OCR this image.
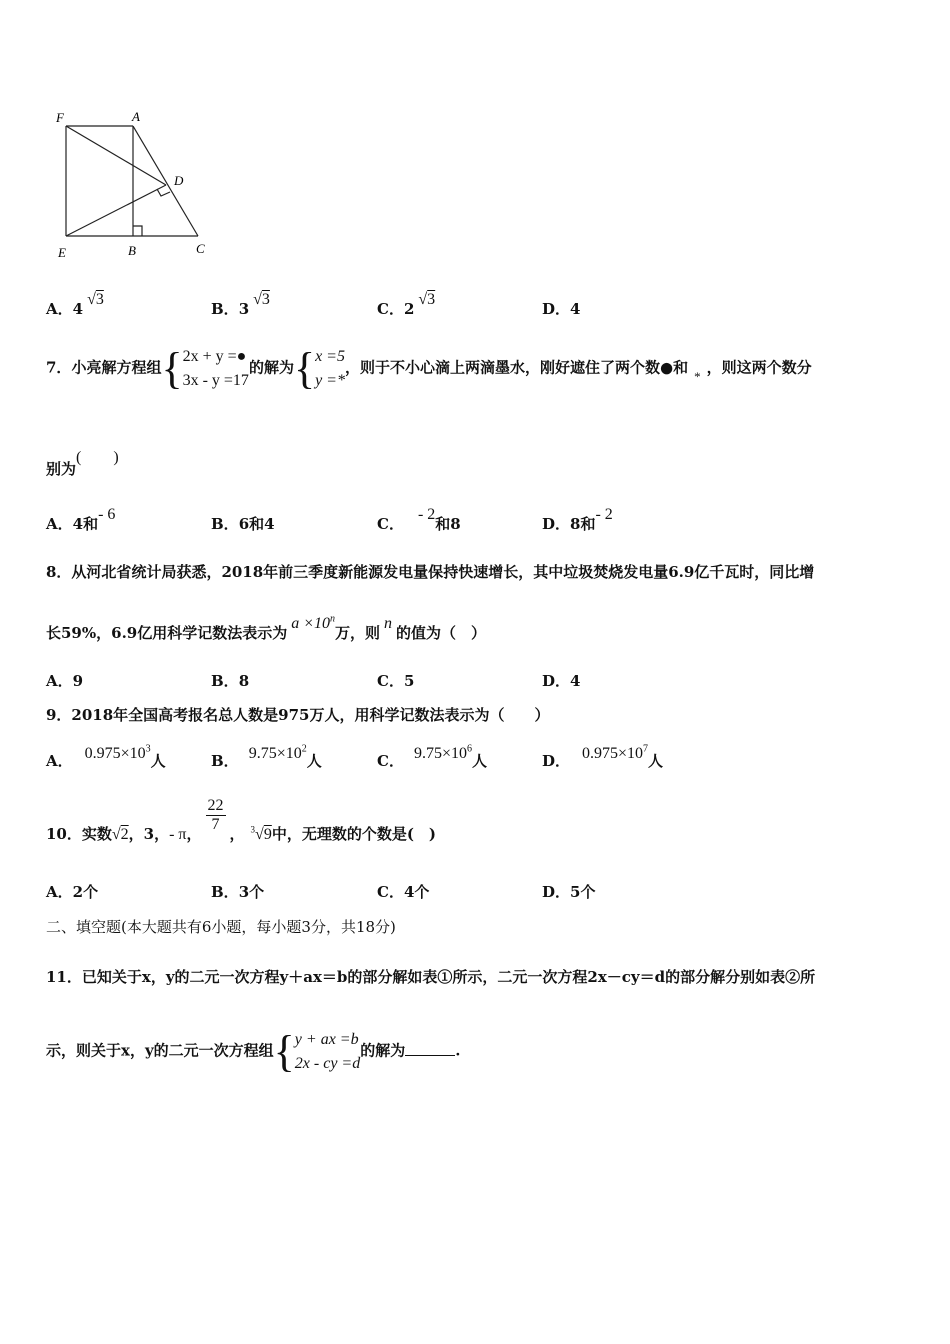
F	A
D
E	B	C
A．4√3
B．3√3
C．2√3
D．4
7．小亮解方程组{ 2x + y =●
3x - y =17
的解为{ x =5
y =*
，则于不小心滴上两滴墨水，刚好遮住了两个数●和 * ，则这两个数分
别为(　　)
A．4和- 6
B．6和4	C．- 2和8	D．8和- 2
8．从河北省统计局获悉，2018年前三季度新能源发电量保持快速增长，其中垃圾焚烧发电量6.9亿千瓦时，同比增
长59%，6.9亿用科学记数法表示为$a \times 10^n$万，则n的值为（　）
A．9	B．8	C．5	D．4
9．2018年全国高考报名总人数是975万人，用科学记数法表示为（　　）
A． $0.975\times 10^3$人	B． $9.75\times 10^2$人	C． $9.75\times 10^6$人	D． $0.975\times 10^7$人
10．实数√2，3，- π， $\frac{22}{7}$ ， $^3$√9中，无理数的个数是(　)
A．2个	B．3个	C．4个	D．5个
二、填空题(本大题共有6小题，每小题3分，共18分)
11．已知关于x，y的二元一次方程y＋ax＝b的部分解如表①所示，二元一次方程2x－cy＝d的部分解分别如表②所
示，则关于x，y的二元一次方程组{ y + ax =b
2x - cy =d
的解为	.
